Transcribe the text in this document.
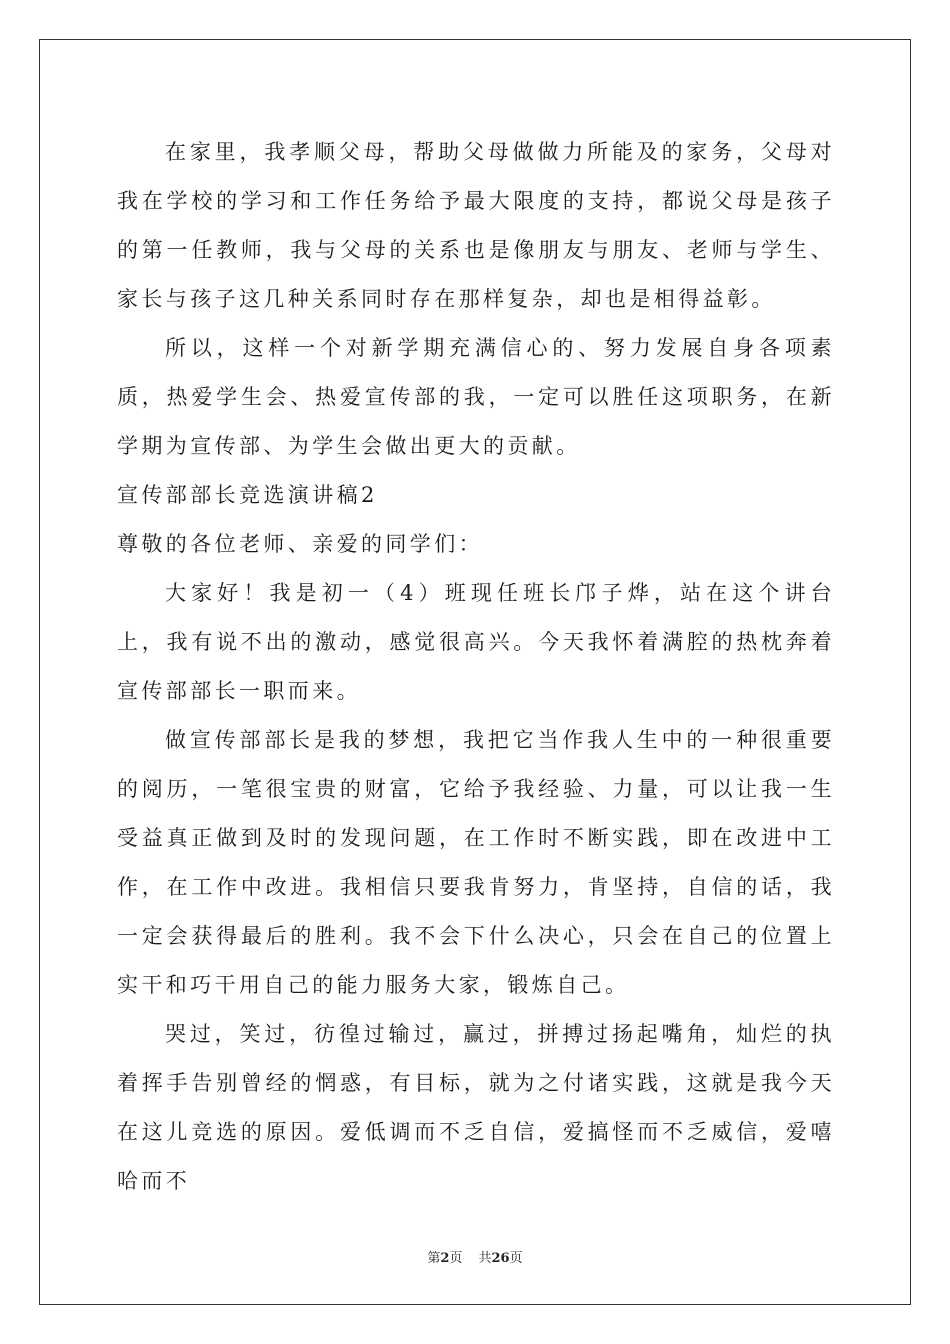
在家里，我孝顺父母，帮助父母做做力所能及的家务，父母对我在学校的学习和工作任务给予最大限度的支持，都说父母是孩子的第一任教师，我与父母的关系也是像朋友与朋友、老师与学生、家长与孩子这几种关系同时存在那样复杂，却也是相得益彰。

所以，这样一个对新学期充满信心的、努力发展自身各项素质，热爱学生会、热爱宣传部的我，一定可以胜任这项职务，在新学期为宣传部、为学生会做出更大的贡献。

宣传部部长竞选演讲稿2

尊敬的各位老师、亲爱的同学们：

大家好！我是初一（4）班现任班长邝子烨，站在这个讲台上，我有说不出的激动，感觉很高兴。今天我怀着满腔的热枕奔着宣传部部长一职而来。

做宣传部部长是我的梦想，我把它当作我人生中的一种很重要的阅历，一笔很宝贵的财富，它给予我经验、力量，可以让我一生受益真正做到及时的发现问题，在工作时不断实践，即在改进中工作，在工作中改进。我相信只要我肯努力，肯坚持，自信的话，我一定会获得最后的胜利。我不会下什么决心，只会在自己的位置上实干和巧干用自己的能力服务大家，锻炼自己。

哭过，笑过，彷徨过输过，赢过，拼搏过扬起嘴角，灿烂的执着挥手告别曾经的惘惑，有目标，就为之付诸实践，这就是我今天在这儿竞选的原因。爱低调而不乏自信，爱搞怪而不乏威信，爱嘻哈而不

第2页 共26页
